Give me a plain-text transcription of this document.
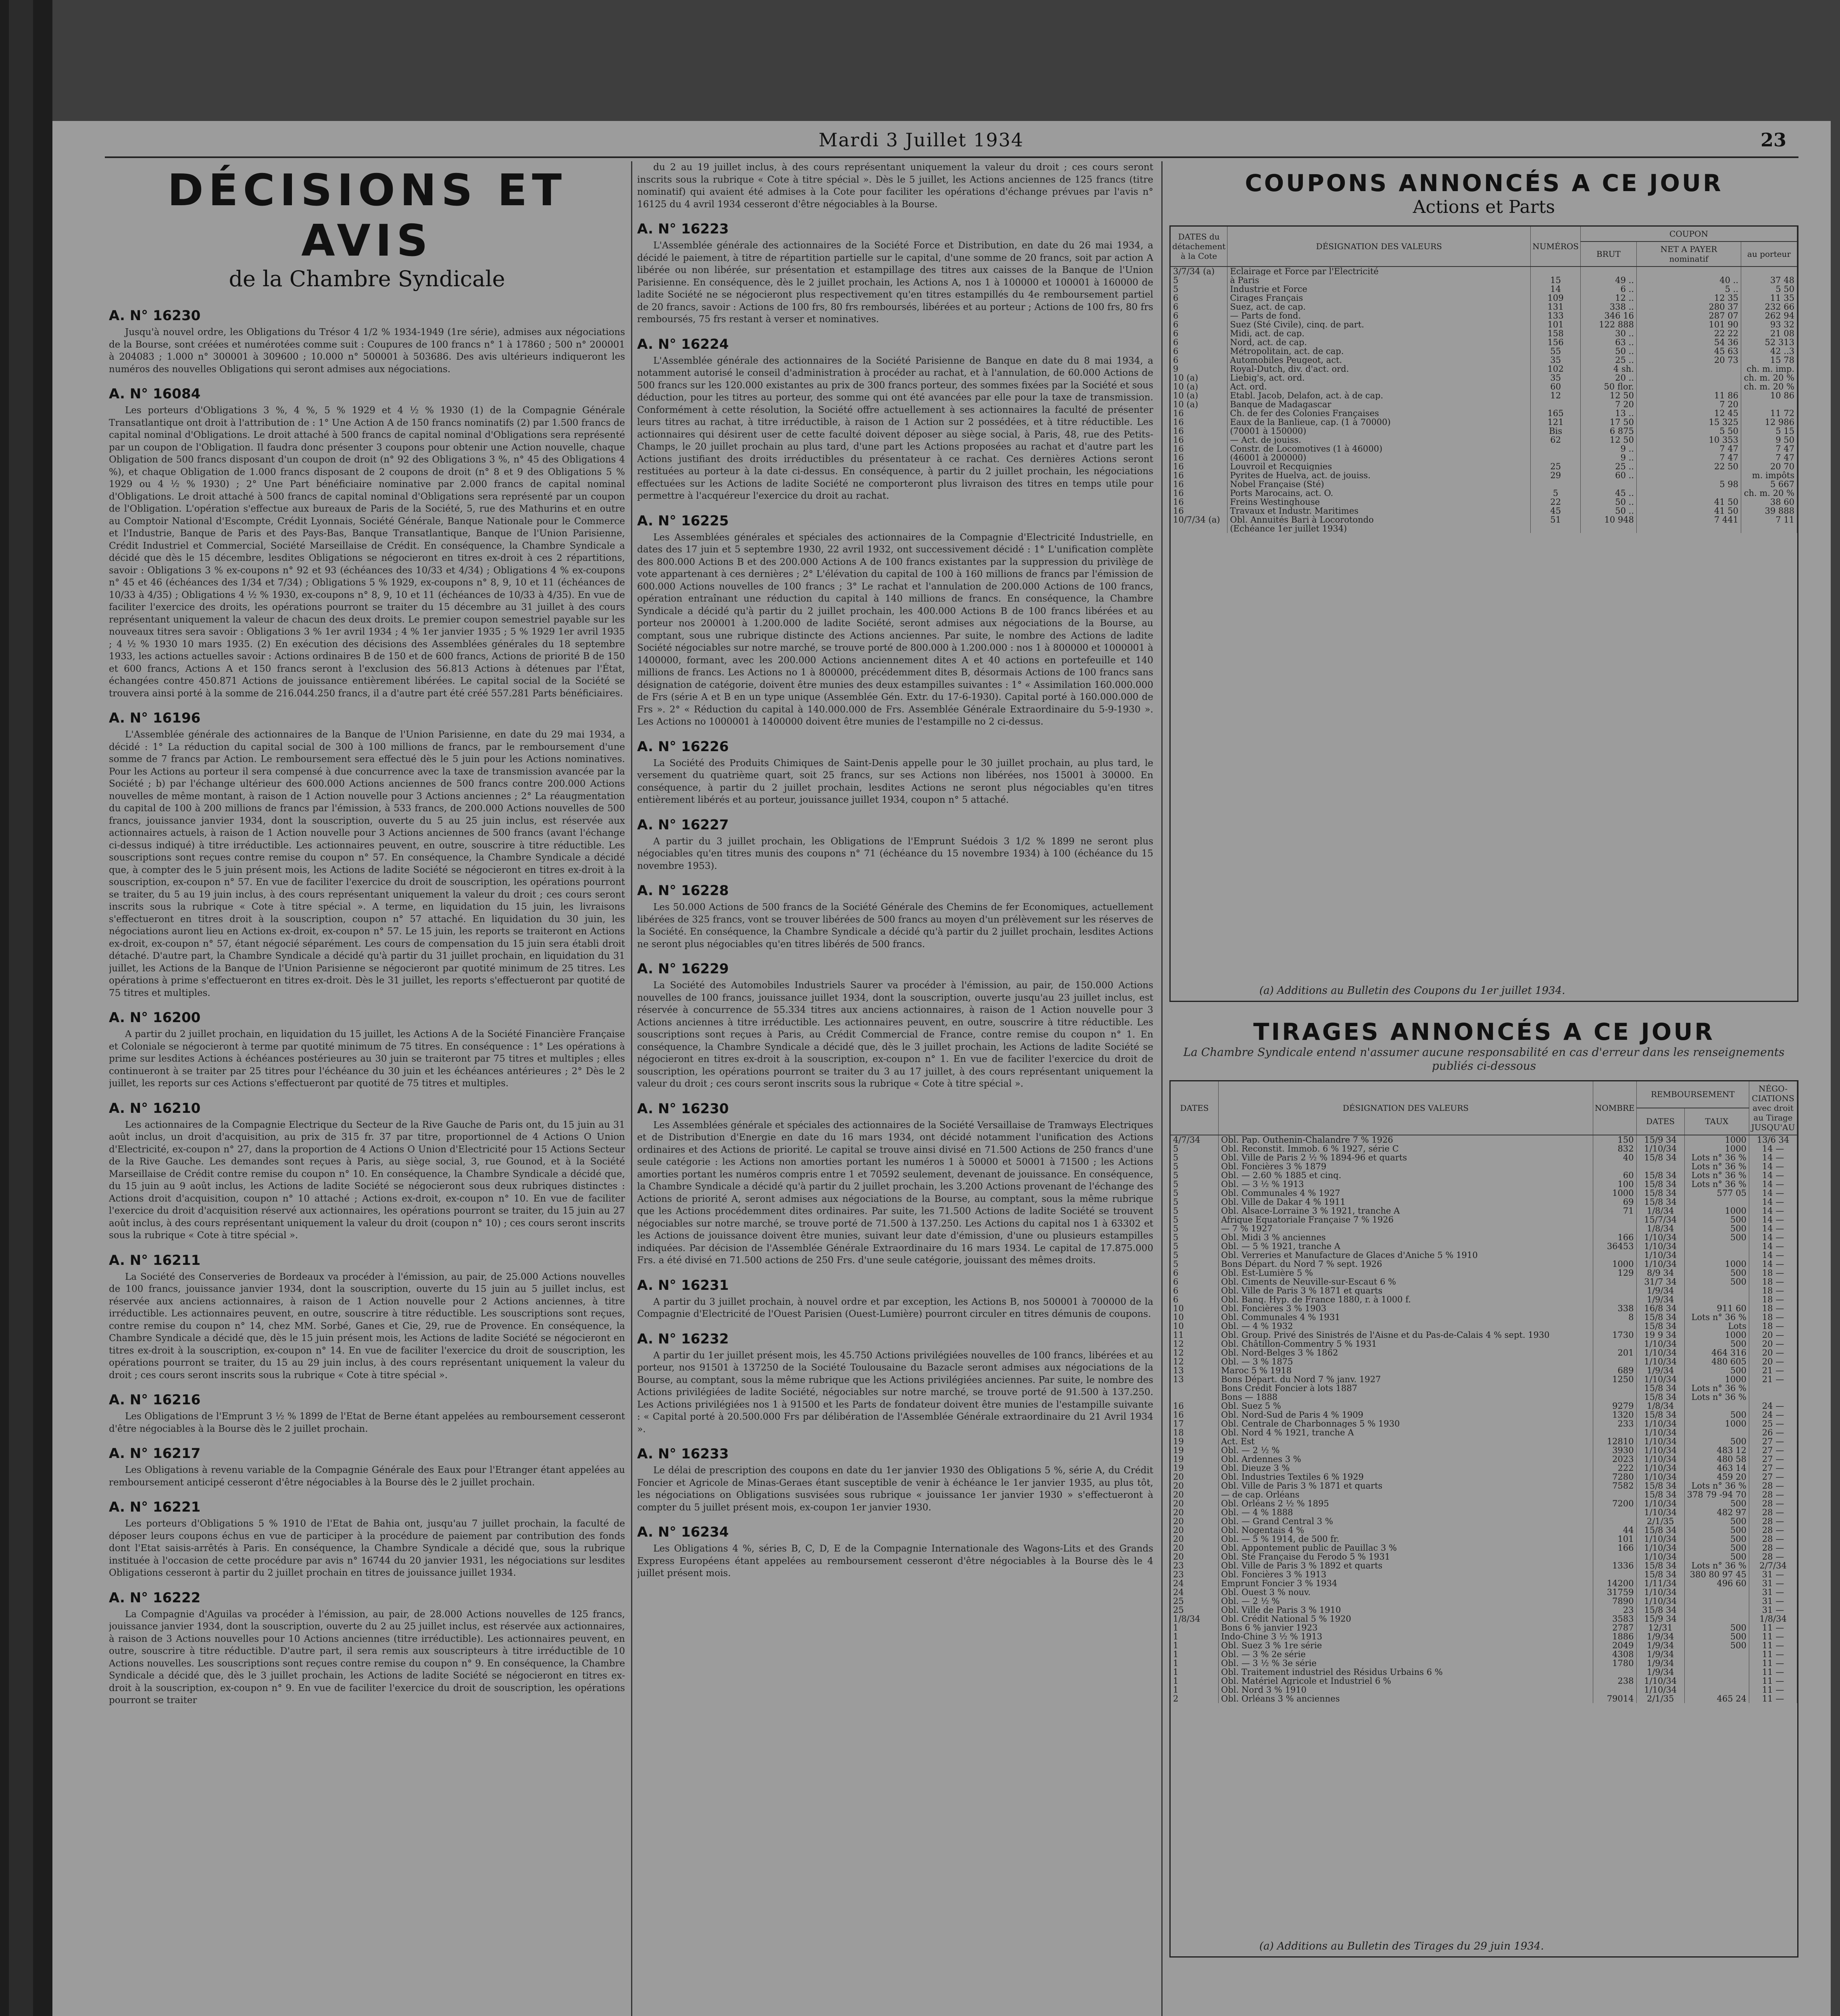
Mardi 3 Juillet 1934	23
DÉCISIONS ET AVIS
de la Chambre Syndicale
A. N° 16230

Jusqu'à nouvel ordre, les Obligations du Trésor 4 1/2 % 1934-1949 (1re série), admises aux négociations de la Bourse, sont créées et numérotées comme suit : Coupures de 100 francs n° 1 à 17860 ; 500 n° 200001 à 204083 ; 1.000 n° 300001 à 309600 ; 10.000 n° 500001 à 503686. Des avis ultérieurs indiqueront les numéros des nouvelles Obligations qui seront admises aux négociations.

A. N° 16084

Les porteurs d'Obligations 3 %, 4 %, 5 % 1929 et 4 ½ % 1930 (1) de la Compagnie Générale Transatlantique ont droit à l'attribution de : 1° Une Action A de 150 francs nominatifs (2) par 1.500 francs de capital nominal d'Obligations. Le droit attaché à 500 francs de capital nominal d'Obligations sera représenté par un coupon de l'Obligation. Il faudra donc présenter 3 coupons pour obtenir une Action nouvelle, chaque Obligation de 500 francs disposant d'un coupon de droit (n° 92 des Obligations 3 %, n° 45 des Obligations 4 %), et chaque Obligation de 1.000 francs disposant de 2 coupons de droit (n° 8 et 9 des Obligations 5 % 1929 ou 4 ½ % 1930) ; 2° Une Part bénéficiaire nominative par 2.000 francs de capital nominal d'Obligations. Le droit attaché à 500 francs de capital nominal d'Obligations sera représenté par un coupon de l'Obligation. L'opération s'effectue aux bureaux de Paris de la Société, 5, rue des Mathurins et en outre au Comptoir National d'Escompte, Crédit Lyonnais, Société Générale, Banque Nationale pour le Commerce et l'Industrie, Banque de Paris et des Pays-Bas, Banque Transatlantique, Banque de l'Union Parisienne, Crédit Industriel et Commercial, Société Marseillaise de Crédit. En conséquence, la Chambre Syndicale a décidé que dès le 15 décembre, lesdites Obligations se négocieront en titres ex-droit à ces 2 répartitions, savoir : Obligations 3 % ex-coupons n° 92 et 93 (échéances des 10/33 et 4/34) ; Obligations 4 % ex-coupons n° 45 et 46 (échéances des 1/34 et 7/34) ; Obligations 5 % 1929, ex-coupons n° 8, 9, 10 et 11 (échéances de 10/33 à 4/35) ; Obligations 4 ½ % 1930, ex-coupons n° 8, 9, 10 et 11 (échéances de 10/33 à 4/35). En vue de faciliter l'exercice des droits, les opérations pourront se traiter du 15 décembre au 31 juillet à des cours représentant uniquement la valeur de chacun des deux droits. Le premier coupon semestriel payable sur les nouveaux titres sera savoir : Obligations 3 % 1er avril 1934 ; 4 % 1er janvier 1935 ; 5 % 1929 1er avril 1935 ; 4 ½ % 1930 10 mars 1935. (2) En exécution des décisions des Assemblées générales du 18 septembre 1933, les actions actuelles savoir : Actions ordinaires B de 150 et de 600 francs, Actions de priorité B de 150 et 600 francs, Actions A et 150 francs seront à l'exclusion des 56.813 Actions à détenues par l'État, échangées contre 450.871 Actions de jouissance entièrement libérées. Le capital social de la Société se trouvera ainsi porté à la somme de 216.044.250 francs, il a d'autre part été créé 557.281 Parts bénéficiaires.

A. N° 16196

L'Assemblée générale des actionnaires de la Banque de l'Union Parisienne, en date du 29 mai 1934, a décidé : 1° La réduction du capital social de 300 à 100 millions de francs, par le remboursement d'une somme de 7 francs par Action. Le remboursement sera effectué dès le 5 juin pour les Actions nominatives. Pour les Actions au porteur il sera compensé à due concurrence avec la taxe de transmission avancée par la Société ; b) par l'échange ultérieur des 600.000 Actions anciennes de 500 francs contre 200.000 Actions nouvelles de même montant, à raison de 1 Action nouvelle pour 3 Actions anciennes ; 2° La réaugmentation du capital de 100 à 200 millions de francs par l'émission, à 533 francs, de 200.000 Actions nouvelles de 500 francs, jouissance janvier 1934, dont la souscription, ouverte du 5 au 25 juin inclus, est réservée aux actionnaires actuels, à raison de 1 Action nouvelle pour 3 Actions anciennes de 500 francs (avant l'échange ci-dessus indiqué) à titre irréductible. Les actionnaires peuvent, en outre, souscrire à titre réductible. Les souscriptions sont reçues contre remise du coupon n° 57. En conséquence, la Chambre Syndicale a décidé que, à compter des le 5 juin présent mois, les Actions de ladite Société se négocieront en titres ex-droit à la souscription, ex-coupon n° 57. En vue de faciliter l'exercice du droit de souscription, les opérations pourront se traiter, du 5 au 19 juin inclus, à des cours représentant uniquement la valeur du droit ; ces cours seront inscrits sous la rubrique « Cote à titre spécial ». A terme, en liquidation du 15 juin, les livraisons s'effectueront en titres droit à la souscription, coupon n° 57 attaché. En liquidation du 30 juin, les négociations auront lieu en Actions ex-droit, ex-coupon n° 57. Le 15 juin, les reports se traiteront en Actions ex-droit, ex-coupon n° 57, étant négocié séparément. Les cours de compensation du 15 juin sera établi droit détaché. D'autre part, la Chambre Syndicale a décidé qu'à partir du 31 juillet prochain, en liquidation du 31 juillet, les Actions de la Banque de l'Union Parisienne se négocieront par quotité minimum de 25 titres. Les opérations à prime s'effectueront en titres ex-droit. Dès le 31 juillet, les reports s'effectueront par quotité de 75 titres et multiples.

A. N° 16200

A partir du 2 juillet prochain, en liquidation du 15 juillet, les Actions A de la Société Financière Française et Coloniale se négocieront à terme par quotité minimum de 75 titres. En conséquence : 1° Les opérations à prime sur lesdites Actions à échéances postérieures au 30 juin se traiteront par 75 titres et multiples ; elles continueront à se traiter par 25 titres pour l'échéance du 30 juin et les échéances antérieures ; 2° Dès le 2 juillet, les reports sur ces Actions s'effectueront par quotité de 75 titres et multiples.

A. N° 16210

Les actionnaires de la Compagnie Electrique du Secteur de la Rive Gauche de Paris ont, du 15 juin au 31 août inclus, un droit d'acquisition, au prix de 315 fr. 37 par titre, proportionnel de 4 Actions O Union d'Electricité, ex-coupon n° 27, dans la proportion de 4 Actions O Union d'Electricité pour 15 Actions Secteur de la Rive Gauche. Les demandes sont reçues à Paris, au siège social, 3, rue Gounod, et à la Société Marseillaise de Crédit contre remise du coupon n° 10. En conséquence, la Chambre Syndicale a décidé que, du 15 juin au 9 août inclus, les Actions de ladite Société se négocieront sous deux rubriques distinctes : Actions droit d'acquisition, coupon n° 10 attaché ; Actions ex-droit, ex-coupon n° 10. En vue de faciliter l'exercice du droit d'acquisition réservé aux actionnaires, les opérations pourront se traiter, du 15 juin au 27 août inclus, à des cours représentant uniquement la valeur du droit (coupon n° 10) ; ces cours seront inscrits sous la rubrique « Cote à titre spécial ».

A. N° 16211

La Société des Conserveries de Bordeaux va procéder à l'émission, au pair, de 25.000 Actions nouvelles de 100 francs, jouissance janvier 1934, dont la souscription, ouverte du 15 juin au 5 juillet inclus, est réservée aux anciens actionnaires, à raison de 1 Action nouvelle pour 2 Actions anciennes, à titre irréductible. Les actionnaires peuvent, en outre, souscrire à titre réductible. Les souscriptions sont reçues, contre remise du coupon n° 14, chez MM. Sorbé, Ganes et Cie, 29, rue de Provence. En conséquence, la Chambre Syndicale a décidé que, dès le 15 juin présent mois, les Actions de ladite Société se négocieront en titres ex-droit à la souscription, ex-coupon n° 14. En vue de faciliter l'exercice du droit de souscription, les opérations pourront se traiter, du 15 au 29 juin inclus, à des cours représentant uniquement la valeur du droit ; ces cours seront inscrits sous la rubrique « Cote à titre spécial ».

A. N° 16216

Les Obligations de l'Emprunt 3 ½ % 1899 de l'Etat de Berne étant appelées au remboursement cesseront d'être négociables à la Bourse dès le 2 juillet prochain.

A. N° 16217

Les Obligations à revenu variable de la Compagnie Générale des Eaux pour l'Etranger étant appelées au remboursement anticipé cesseront d'être négociables à la Bourse dès le 2 juillet prochain.

A. N° 16221

Les porteurs d'Obligations 5 % 1910 de l'Etat de Bahia ont, jusqu'au 7 juillet prochain, la faculté de déposer leurs coupons échus en vue de participer à la procédure de paiement par contribution des fonds dont l'Etat saisis-arrêtés à Paris. En conséquence, la Chambre Syndicale a décidé que, sous la rubrique instituée à l'occasion de cette procédure par avis n° 16744 du 20 janvier 1931, les négociations sur lesdites Obligations cesseront à partir du 2 juillet prochain en titres de jouissance juillet 1934.

A. N° 16222

La Compagnie d'Aguilas va procéder à l'émission, au pair, de 28.000 Actions nouvelles de 125 francs, jouissance janvier 1934, dont la souscription, ouverte du 2 au 25 juillet inclus, est réservée aux actionnaires, à raison de 3 Actions nouvelles pour 10 Actions anciennes (titre irréductible). Les actionnaires peuvent, en outre, souscrire à titre réductible. D'autre part, il sera remis aux souscripteurs à titre irréductible de 10 Actions nouvelles. Les souscriptions sont reçues contre remise du coupon n° 9. En conséquence, la Chambre Syndicale a décidé que, dès le 3 juillet prochain, les Actions de ladite Société se négocieront en titres ex-droit à la souscription, ex-coupon n° 9. En vue de faciliter l'exercice du droit de souscription, les opérations pourront se traiter

du 2 au 19 juillet inclus, à des cours représentant uniquement la valeur du droit ; ces cours seront inscrits sous la rubrique « Cote à titre spécial ». Dès le 5 juillet, les Actions anciennes de 125 francs (titre nominatif) qui avaient été admises à la Cote pour faciliter les opérations d'échange prévues par l'avis n° 16125 du 4 avril 1934 cesseront d'être négociables à la Bourse.

A. N° 16223

L'Assemblée générale des actionnaires de la Société Force et Distribution, en date du 26 mai 1934, a décidé le paiement, à titre de répartition partielle sur le capital, d'une somme de 20 francs, soit par action A libérée ou non libérée, sur présentation et estampillage des titres aux caisses de la Banque de l'Union Parisienne. En conséquence, dès le 2 juillet prochain, les Actions A, nos 1 à 100000 et 100001 à 160000 de ladite Société ne se négocieront plus respectivement qu'en titres estampillés du 4e remboursement partiel de 20 francs, savoir : Actions de 100 frs, 80 frs remboursés, libérées et au porteur ; Actions de 100 frs, 80 frs remboursés, 75 frs restant à verser et nominatives.

A. N° 16224

L'Assemblée générale des actionnaires de la Société Parisienne de Banque en date du 8 mai 1934, a notamment autorisé le conseil d'administration à procéder au rachat, et à l'annulation, de 60.000 Actions de 500 francs sur les 120.000 existantes au prix de 300 francs porteur, des sommes fixées par la Société et sous déduction, pour les titres au porteur, des somme qui ont été avancées par elle pour la taxe de transmission. Conformément à cette résolution, la Société offre actuellement à ses actionnaires la faculté de présenter leurs titres au rachat, à titre irréductible, à raison de 1 Action sur 2 possédées, et à titre réductible. Les actionnaires qui désirent user de cette faculté doivent déposer au siège social, à Paris, 48, rue des Petits-Champs, le 20 juillet prochain au plus tard, d'une part les Actions proposées au rachat et d'autre part les Actions justifiant des droits irréductibles du présentateur à ce rachat. Ces dernières Actions seront restituées au porteur à la date ci-dessus. En conséquence, à partir du 2 juillet prochain, les négociations effectuées sur les Actions de ladite Société ne comporteront plus livraison des titres en temps utile pour permettre à l'acquéreur l'exercice du droit au rachat.

A. N° 16225

Les Assemblées générales et spéciales des actionnaires de la Compagnie d'Electricité Industrielle, en dates des 17 juin et 5 septembre 1930, 22 avril 1932, ont successivement décidé : 1° L'unification complète des 800.000 Actions B et des 200.000 Actions A de 100 francs existantes par la suppression du privilège de vote appartenant à ces dernières ; 2° L'élévation du capital de 100 à 160 millions de francs par l'émission de 600.000 Actions nouvelles de 100 francs ; 3° Le rachat et l'annulation de 200.000 Actions de 100 francs, opération entraînant une réduction du capital à 140 millions de francs. En conséquence, la Chambre Syndicale a décidé qu'à partir du 2 juillet prochain, les 400.000 Actions B de 100 francs libérées et au porteur nos 200001 à 1.200.000 de ladite Société, seront admises aux négociations de la Bourse, au comptant, sous une rubrique distincte des Actions anciennes. Par suite, le nombre des Actions de ladite Société négociables sur notre marché, se trouve porté de 800.000 à 1.200.000 : nos 1 à 800000 et 1000001 à 1400000, formant, avec les 200.000 Actions anciennement dites A et 40 actions en portefeuille et 140 millions de francs. Les Actions no 1 à 800000, précédemment dites B, désormais Actions de 100 francs sans désignation de catégorie, doivent être munies des deux estampilles suivantes : 1° « Assimilation 160.000.000 de Frs (série A et B en un type unique (Assemblée Gén. Extr. du 17-6-1930). Capital porté à 160.000.000 de Frs ». 2° « Réduction du capital à 140.000.000 de Frs. Assemblée Générale Extraordinaire du 5-9-1930 ». Les Actions no 1000001 à 1400000 doivent être munies de l'estampille no 2 ci-dessus.

A. N° 16226

La Société des Produits Chimiques de Saint-Denis appelle pour le 30 juillet prochain, au plus tard, le versement du quatrième quart, soit 25 francs, sur ses Actions non libérées, nos 15001 à 30000. En conséquence, à partir du 2 juillet prochain, lesdites Actions ne seront plus négociables qu'en titres entièrement libérés et au porteur, jouissance juillet 1934, coupon n° 5 attaché.

A. N° 16227

A partir du 3 juillet prochain, les Obligations de l'Emprunt Suédois 3 1/2 % 1899 ne seront plus négociables qu'en titres munis des coupons n° 71 (échéance du 15 novembre 1934) à 100 (échéance du 15 novembre 1953).

A. N° 16228

Les 50.000 Actions de 500 francs de la Société Générale des Chemins de fer Economiques, actuellement libérées de 325 francs, vont se trouver libérées de 500 francs au moyen d'un prélèvement sur les réserves de la Société. En conséquence, la Chambre Syndicale a décidé qu'à partir du 2 juillet prochain, lesdites Actions ne seront plus négociables qu'en titres libérés de 500 francs.

A. N° 16229

La Société des Automobiles Industriels Saurer va procéder à l'émission, au pair, de 150.000 Actions nouvelles de 100 francs, jouissance juillet 1934, dont la souscription, ouverte jusqu'au 23 juillet inclus, est réservée à concurrence de 55.334 titres aux anciens actionnaires, à raison de 1 Action nouvelle pour 3 Actions anciennes à titre irréductible. Les actionnaires peuvent, en outre, souscrire à titre réductible. Les souscriptions sont reçues à Paris, au Crédit Commercial de France, contre remise du coupon n° 1. En conséquence, la Chambre Syndicale a décidé que, dès le 3 juillet prochain, les Actions de ladite Société se négocieront en titres ex-droit à la souscription, ex-coupon n° 1. En vue de faciliter l'exercice du droit de souscription, les opérations pourront se traiter du 3 au 17 juillet, à des cours représentant uniquement la valeur du droit ; ces cours seront inscrits sous la rubrique « Cote à titre spécial ».

A. N° 16230

Les Assemblées générale et spéciales des actionnaires de la Société Versaillaise de Tramways Electriques et de Distribution d'Energie en date du 16 mars 1934, ont décidé notamment l'unification des Actions ordinaires et des Actions de priorité. Le capital se trouve ainsi divisé en 71.500 Actions de 250 francs d'une seule catégorie : les Actions non amorties portant les numéros 1 à 50000 et 50001 à 71500 ; les Actions amorties portant les numéros compris entre 1 et 70592 seulement, devenant de jouissance. En conséquence, la Chambre Syndicale a décidé qu'à partir du 2 juillet prochain, les 3.200 Actions provenant de l'échange des Actions de priorité A, seront admises aux négociations de la Bourse, au comptant, sous la même rubrique que les Actions procédemment dites ordinaires. Par suite, les 71.500 Actions de ladite Société se trouvent négociables sur notre marché, se trouve porté de 71.500 à 137.250. Les Actions du capital nos 1 à 63302 et les Actions de jouissance doivent être munies, suivant leur date d'émission, d'une ou plusieurs estampilles indiquées. Par décision de l'Assemblée Générale Extraordinaire du 16 mars 1934. Le capital de 17.875.000 Frs. a été divisé en 71.500 actions de 250 Frs. d'une seule catégorie, jouissant des mêmes droits.

A. N° 16231

A partir du 3 juillet prochain, à nouvel ordre et par exception, les Actions B, nos 500001 à 700000 de la Compagnie d'Electricité de l'Ouest Parisien (Ouest-Lumière) pourront circuler en titres démunis de coupons.

A. N° 16232

A partir du 1er juillet présent mois, les 45.750 Actions privilégiées nouvelles de 100 francs, libérées et au porteur, nos 91501 à 137250 de la Société Toulousaine du Bazacle seront admises aux négociations de la Bourse, au comptant, sous la même rubrique que les Actions privilégiées anciennes. Par suite, le nombre des Actions privilégiées de ladite Société, négociables sur notre marché, se trouve porté de 91.500 à 137.250. Les Actions privilégiées nos 1 à 91500 et les Parts de fondateur doivent être munies de l'estampille suivante : « Capital porté à 20.500.000 Frs par délibération de l'Assemblée Générale extraordinaire du 21 Avril 1934 ».

A. N° 16233

Le délai de prescription des coupons en date du 1er janvier 1930 des Obligations 5 %, série A, du Crédit Foncier et Agricole de Minas-Geraes étant susceptible de venir à échéance le 1er janvier 1935, au plus tôt, les négociations on Obligations susvisées sous rubrique « jouissance 1er janvier 1930 » s'effectueront à compter du 5 juillet présent mois, ex-coupon 1er janvier 1930.

A. N° 16234

Les Obligations 4 %, séries B, C, D, E de la Compagnie Internationale des Wagons-Lits et des Grands Express Européens étant appelées au remboursement cesseront d'être négociables à la Bourse dès le 4 juillet présent mois.

COUPONS ANNONCÉS A CE JOUR
Actions et Parts
DATES du détachement à la Cote	DÉSIGNATION DES VALEURS	NUMÉROS	COUPON		
			BRUT	NET A PAYER
nominatif	au porteur
3/7/34 (a)	Eclairage et Force par l'Electricité				
5	à Paris	15	49 ..	40 ..	37 48
5	Industrie et Force	14	6 ..	5 ..	5 50
6	Cirages Français	109	12 ..	12 35	11 35
6	Suez, act. de cap.	131	338 ..	280 37	232 66
6	— Parts de fond.	133	346 16	287 07	262 94
6	Suez (Sté Civile), cinq. de part.	101	122 888	101 90	93 32
6	Midi, act. de cap.	158	30 ..	22 22	21 08
6	Nord, act. de cap.	156	63 ..	54 36	52 313
6	Métropolitain, act. de cap.	55	50 ..	45 63	42 ..3
6	Automobiles Peugeot, act.	35	25 ..	20 73	15 78
9	Royal-Dutch, div. d'act. ord.	102	4 sh.		ch. m. imp.
10 (a)	Liebig's, act. ord.	35	20 ..		ch. m. 20 %
10 (a)	Act. ord.	60	50 flor.		ch. m. 20 %
10 (a)	Etabl. Jacob, Delafon, act. à de cap.	12	12 50	11 86	10 86
10 (a)	Banque de Madagascar		7 20	7 20	
16	Ch. de fer des Colonies Françaises	165	13 ..	12 45	11 72
16	Eaux de la Banlieue, cap. (1 à 70000)	121	17 50	15 325	12 986
16	(70001 à 150000)	Bis	6 875	5 50	5 15
16	— Act. de jouiss.	62	12 50	10 353	9 50
16	Constr. de Locomotives (1 à 46000)		9 ..	7 47	7 47
16	(46001 à 200000)		9 ..	7 47	7 47
16	Louvroil et Recquignies	25	25 ..	22 50	20 70
16	Pyrites de Huelva, act. de jouiss.	29	60 ..		m. impôts
16	Nobel Française (Sté)			5 98	5 667
16	Ports Marocains, act. O.	5	45 ..		ch. m. 20 %
16	Freins Westinghouse	22	50 ..	41 50	38 60
16	Travaux et Industr. Maritimes	45	50 ..	41 50	39 888
10/7/34 (a)	Obl. Annuités Bari à Locorotondo	51	10 948	7 441	7 11
	(Echéance 1er juillet 1934)				
(a) Additions au Bulletin des Coupons du 1er juillet 1934.
TIRAGES ANNONCÉS A CE JOUR
La Chambre Syndicale entend n'assumer aucune responsabilité en cas d'erreur dans les renseignements publiés ci-dessous
DATES	DÉSIGNATION DES VALEURS	NOMBRE	REMBOURSEMENT		NÉGO-CIATIONS avec droit au Tirage JUSQU'AU
			DATES	TAUX	
4/7/34	Obl. Pap. Outhenin-Chalandre 7 % 1926	150	15/9 34	1000	13/6 34
5	Obl. Reconstit. Immob. 6 % 1927, série C	832	1/10/34	1000	14 —
5	Obl. Ville de Paris 2 ½ % 1894-96 et quarts	40	15/8 34	Lots n° 36 %	14 —
5	Obl. Foncières 3 % 1879			Lots n° 36 %	14 —
5	Obl. — 2.60 % 1885 et cinq.	60	15/8 34	Lots n° 36 %	14 —
5	Obl. — 3 ½ % 1913	100	15/8 34	Lots n° 36 %	14 —
5	Obl. Communales 4 % 1927	1000	15/8 34	577 05	14 —
5	Obl. Ville de Dakar 4 % 1911	69	15/8 34		14 —
5	Obl. Alsace-Lorraine 3 % 1921, tranche A	71	1/8/34	1000	14 —
5	Afrique Equatoriale Française 7 % 1926		15/7/34	500	14 —
5	— 7 % 1927		1/8/34	500	14 —
5	Obl. Midi 3 % anciennes	166	1/10/34	500	14 —
5	Obl. — 5 % 1921, tranche A	36453	1/10/34		14 —
5	Obl. Verreries et Manufacture de Glaces d'Aniche 5 % 1910		1/10/34		14 —
5	Bons Départ. du Nord 7 % sept. 1926	1000	1/10/34	1000	14 —
6	Obl. Est-Lumière 5 %	129	8/9 34	500	18 —
6	Obl. Ciments de Neuville-sur-Escaut 6 %		31/7 34	500	18 —
6	Obl. Ville de Paris 3 % 1871 et quarts		1/9/34		18 —
6	Obl. Banq. Hyp. de France 1880, r. à 1000 f.		1/9/34		18 —
10	Obl. Foncières 3 % 1903	338	16/8 34	911 60	18 —
10	Obl. Communales 4 % 1931	8	15/8 34	Lots n° 36 %	18 —
10	Obl. — 4 % 1932		15/8 34	Lots	18 —
11	Obl. Group. Privé des Sinistrés de l'Aisne et du Pas-de-Calais 4 % sept. 1930	1730	19 9 34	1000	20 —
12	Obl. Châtillon-Commentry 5 % 1931		1/10/34	500	20 —
12	Obl. Nord-Belges 3 % 1862	201	1/10/34	464 316	20 —
12	Obl. — 3 % 1875		1/10/34	480 605	20 —
13	Maroc 5 % 1918	689	1/9/34	500	21 —
13	Bons Départ. du Nord 7 % janv. 1927	1250	1/10/34	1000	21 —
	Bons Crédit Foncier à lots 1887		15/8 34	Lots n° 36 %	
	Bons — 1888		15/8 34	Lots n° 36 %	
16	Obl. Suez 5 %	9279	1/8/34		24 —
16	Obl. Nord-Sud de Paris 4 % 1909	1320	15/8 34	500	24 —
17	Obl. Centrale de Charbonnages 5 % 1930	233	1/10/34	1000	25 —
18	Obl. Nord 4 % 1921, tranche A		1/10/34		26 —
19	Act. Est	12810	1/10/34	500	27 —
19	Obl. — 2 ½ %	3930	1/10/34	483 12	27 —
19	Obl. Ardennes 3 %	2023	1/10/34	480 58	27 —
19	Obl. Dieuze 3 %	222	1/10/34	463 14	27 —
20	Obl. Industries Textiles 6 % 1929	7280	1/10/34	459 20	27 —
20	Obl. Ville de Paris 3 % 1871 et quarts	7582	15/8 34	Lots n° 36 %	28 —
20	— de cap. Orléans		15/8 34	378 79 -94 70	28 —
20	Obl. Orléans 2 ½ % 1895	7200	1/10/34	500	28 —
20	Obl. — 4 % 1888		1/10/34	482 97	28 —
20	Obl. — Grand Central 3 %		2/1/35	500	28 —
20	Obl. Nogentais 4 %	44	15/8 34	500	28 —
20	Obl. — 5 % 1914, de 500 fr.	101	1/10/34	500	28 —
20	Obl. Appontement public de Pauillac 3 %	166	1/10/34	500	28 —
20	Obl. Sté Française du Ferodo 5 % 1931		1/10/34	500	28 —
23	Obl. Ville de Paris 3 % 1892 et quarts	1336	15/8 34	Lots n° 36 %	2/7/34
23	Obl. Foncières 3 % 1913		15/8 34	380 80 97 45	31 —
24	Emprunt Foncier 3 % 1934	14200	1/11/34	496 60	31 —
24	Obl. Ouest 3 % nouv.	31759	1/10/34		31 —
25	Obl. — 2 ½ %	7890	1/10/34		31 —
25	Obl. Ville de Paris 3 % 1910	23	15/8 34		31 —
1/8/34	Obl. Crédit National 5 % 1920	3583	15/9 34		1/8/34
1	Bons 6 % janvier 1923	2787	12/31	500	11 —
1	Indo-Chine 3 ½ % 1913	1886	1/9/34	500	11 —
1	Obl. Suez 3 % 1re série	2049	1/9/34	500	11 —
1	Obl. — 3 % 2e série	4308	1/9/34		11 —
1	Obl. — 3 ½ % 3e série	1780	1/9/34		11 —
1	Obl. Traitement industriel des Résidus Urbains 6 %		1/9/34		11 —
1	Obl. Matériel Agricole et Industriel 6 %	238	1/10/34		11 —
1	Obl. Nord 3 % 1910		1/10/34		11 —
2	Obl. Orléans 3 % anciennes	79014	2/1/35	465 24	11 —
(a) Additions au Bulletin des Tirages du 29 juin 1934.
